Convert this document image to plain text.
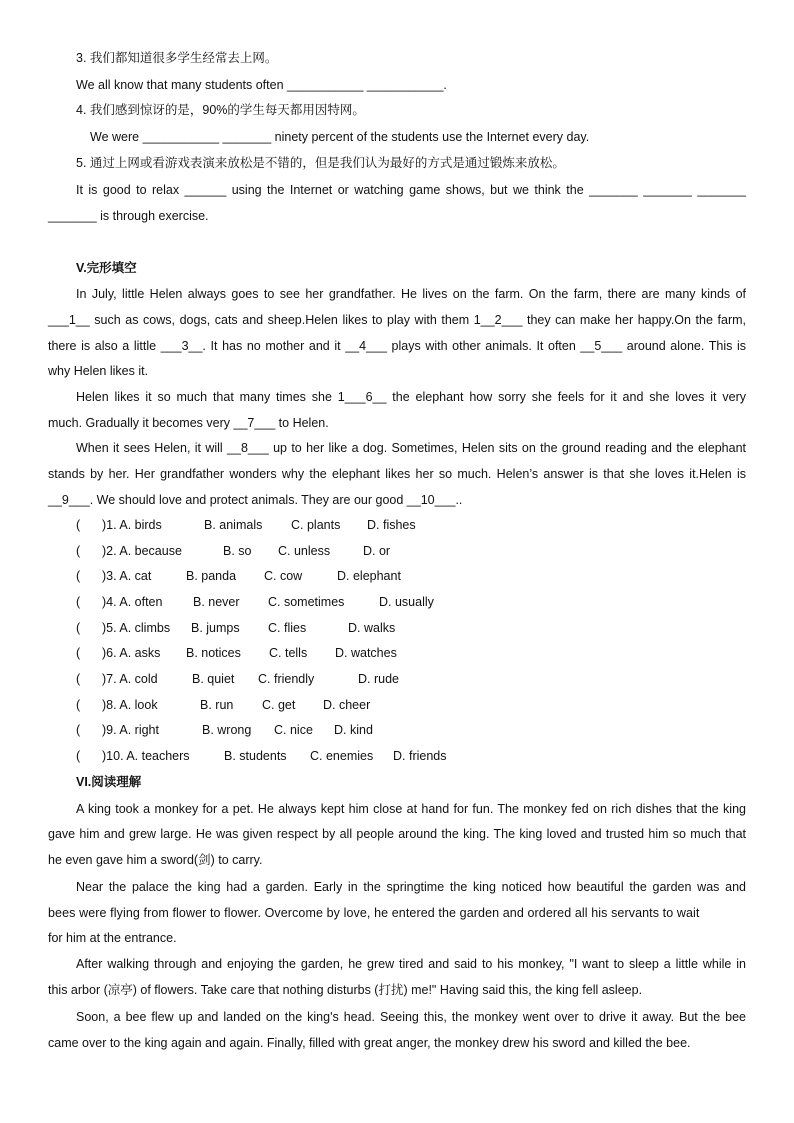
3. 我们都知道很多学生经常去上网。
We all know that many students often ___________ ___________.
4. 我们感到惊讶的是，90%的学生每天都用因特网。
We were ___________ _______ ninety percent of the students use the Internet every day.
5. 通过上网或看游戏表演来放松是不错的，但是我们认为最好的方式是通过锻炼来放松。
It is good to relax ______ using the Internet or watching game shows, but we think the _______ _______ _______
_______ is through exercise.
V.完形填空
In July, little Helen always goes to see her grandfather. He lives on the farm. On the farm, there are many kinds of
___1__ such as cows, dogs, cats and sheep.Helen likes to play with them 1__2___ they can make her happy.On the farm,
there is also a little ___3__. It has no mother and it __4___ plays with other animals. It often __5___ around alone. This is
why Helen likes it.
Helen likes it so much that many times she 1___6__ the elephant how sorry she feels for it and she loves it very
much. Gradually it becomes very __7___ to Helen.
When it sees Helen, it will __8___ up to her like a dog. Sometimes, Helen sits on the ground reading and the elephant
stands by her. Her grandfather wonders why the elephant likes her so much. Helen’s answer is that she loves it.Helen is
__9___. We should love and protect animals. They are our good __10___..
( )1. A. birds	B. animals C. plants D. fishes
( )2. A. because	B. so C. unless	D. or
( )3. A. cat	B. panda C. cow	D. elephant
( )4. A. often B. never C. sometimes	D. usually
( )5. A. climbs B. jumps C. flies	D. walks
( )6. A. asks B. notices C. tells D. watches
( )7. A. cold	B. quiet C. friendly	D. rude
( )8. A. look	B. run C. get D. cheer
( )9. A. right	B. wrong C. nice D. kind
( )10. A. teachers	B. students C. enemies D. friends
VI.阅读理解
A king took a monkey for a pet. He always kept him close at hand for fun. The monkey fed on rich dishes that the king
gave him and grew large. He was given respect by all people around the king. The king loved and trusted him so much that
he even gave him a sword(剑) to carry.
Near the palace the king had a garden. Early in the springtime the king noticed how beautiful the garden was and
bees were flying from flower to flower. Overcome by love, he entered the garden and ordered all his servants to wait
for him at the entrance.
After walking through and enjoying the garden, he grew tired and said to his monkey, "I want to sleep a little while in
this arbor (凉亭) of flowers. Take care that nothing disturbs (打扰) me!" Having said this, the king fell asleep.
Soon, a bee flew up and landed on the king's head. Seeing this, the monkey went over to drive it away. But the bee
came over to the king again and again. Finally, filled with great anger, the monkey drew his sword and killed the bee.
